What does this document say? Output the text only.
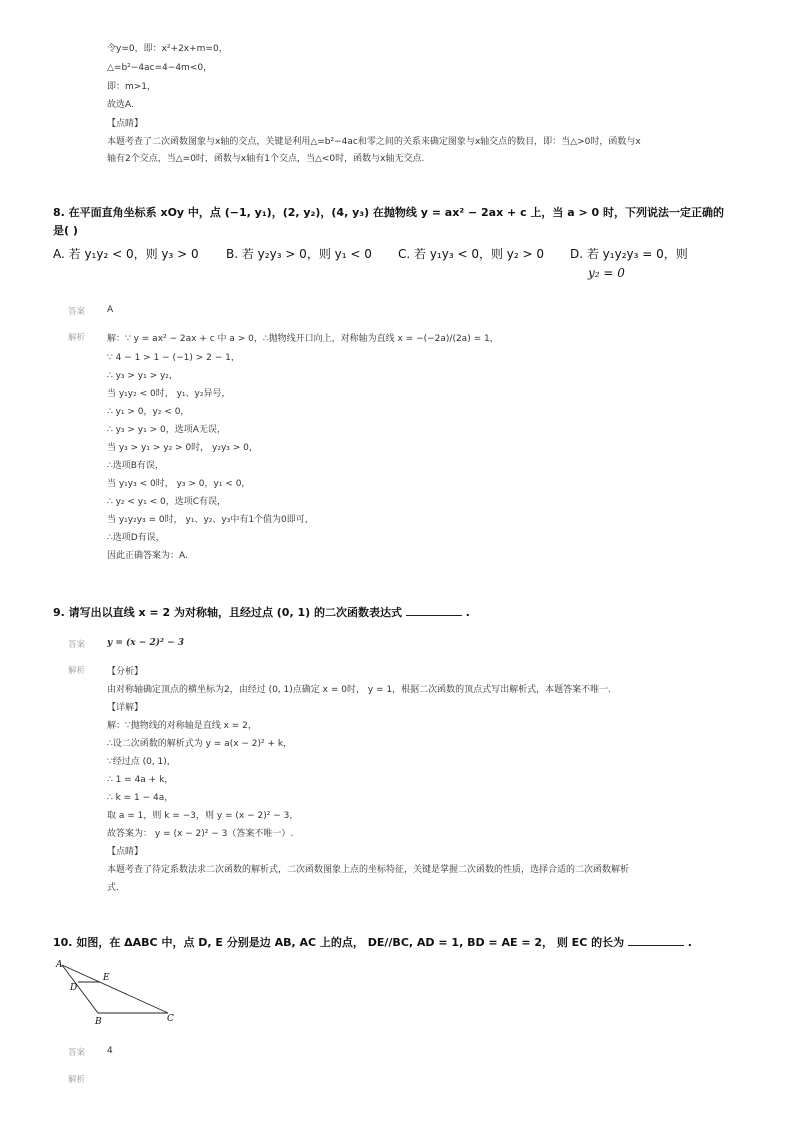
令y=0，即：x²+2x+m=0，
△=b²−4ac=4−4m<0，
即：m>1，
故选A.
【点睛】
本题考查了二次函数图象与x轴的交点，关键是利用△=b²−4ac和零之间的关系来确定图象与x轴交点的数目，即：当△>0时，函数与x
轴有2个交点，当△=0时，函数与x轴有1个交点，当△<0时，函数与x轴无交点.
8. 在平面直角坐标系 xOy 中，点 (−1, y₁)，(2, y₂)，(4, y₃) 在抛物线 y = ax² − 2ax + c 上，当 a > 0 时，下列说法一定正确的
是( )
A. 若 y₁y₂ < 0，则 y₃ > 0 B. 若 y₂y₃ > 0，则 y₁ < 0 C. 若 y₁y₃ < 0，则 y₂ > 0 D. 若 y₁y₂y₃ = 0，则
y₂ = 0
答案 A
解析 解：∵ y = ax² − 2ax + c 中 a > 0，∴抛物线开口向上，对称轴为直线 x = −(−2a)/(2a) = 1，
∵ 4 − 1 > 1 − (−1) > 2 − 1，
∴ y₃ > y₁ > y₂，
当 y₁y₂ < 0时， y₁、y₂异号，
∴ y₁ > 0，y₂ < 0，
∴ y₃ > y₁ > 0，选项A无误，
当 y₃ > y₁ > y₂ > 0时， y₂y₃ > 0，
∴选项B有误，
当 y₁y₃ < 0时， y₃ > 0，y₁ < 0，
∴ y₂ < y₁ < 0，选项C有误，
当 y₁y₂y₃ = 0时， y₁、y₂、y₃中有1个值为0即可，
∴选项D有误，
因此正确答案为：A.
9. 请写出以直线 x = 2 为对称轴，且经过点 (0, 1) 的二次函数表达式	.
答案 y = (x − 2)² − 3
解析 【分析】
由对称轴确定顶点的横坐标为2，由经过 (0, 1)点确定 x = 0时， y = 1，根据二次函数的顶点式写出解析式，本题答案不唯一.
【详解】
解：∵抛物线的对称轴是直线 x = 2，
∴设二次函数的解析式为 y = a(x − 2)² + k，
∵经过点 (0, 1)，
∴ 1 = 4a + k，
∴ k = 1 − 4a，
取 a = 1，则 k = −3，则 y = (x − 2)² − 3，
故答案为： y = (x − 2)² − 3（答案不唯一）.
【点睛】
本题考查了待定系数法求二次函数的解析式，二次函数图象上点的坐标特征，关键是掌握二次函数的性质，选择合适的二次函数解析
式.
10. 如图，在 ΔABC 中，点 D, E 分别是边 AB, AC 上的点， DE//BC, AD = 1, BD = AE = 2， 则 EC 的长为	.
A
E
D
B	C
答案 4
解析
